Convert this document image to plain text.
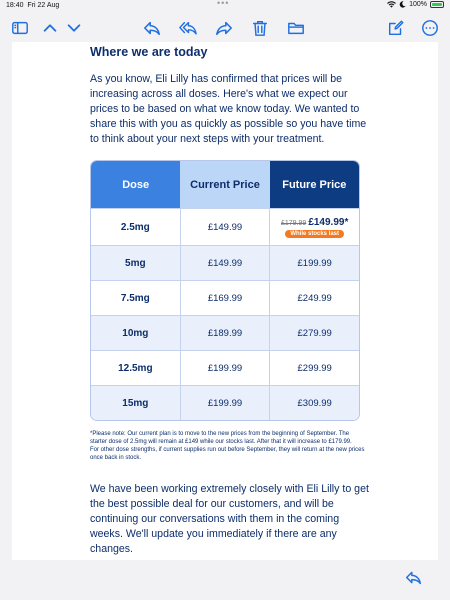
18:40 Fri 22 Aug	•••	100%
Where we are today

As you know, Eli Lilly has confirmed that prices will be increasing across all doses. Here's what we expect our prices to be based on what we know today. We wanted to share this with you as quickly as possible so you have time to think about your next steps with your treatment.

Dose	Current Price	Future Price
2.5mg	£149.99	£179.99 £149.99*
While stocks last
5mg	£149.99	£199.99
7.5mg	£169.99	£249.99
10mg	£189.99	£279.99
12.5mg	£199.99	£299.99
15mg	£199.99	£309.99
*Please note: Our current plan is to move to the new prices from the beginning of September. The starter dose of 2.5mg will remain at £149 while our stocks last. After that it will increase to £179.99.
For other dose strengths, if current supplies run out before September, they will return at the new prices once back in stock.

We have been working extremely closely with Eli Lilly to get the best possible deal for our customers, and will be continuing our conversations with them in the coming weeks. We'll update you immediately if there are any changes.
